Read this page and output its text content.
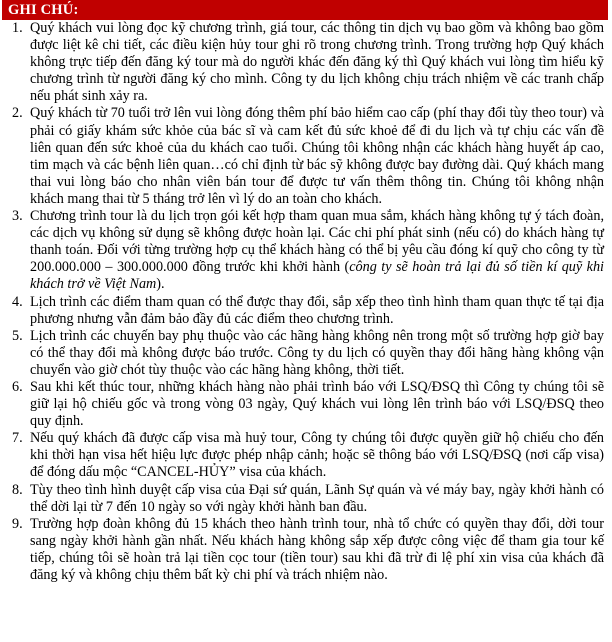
GHI CHÚ:
1. Quý khách vui lòng đọc kỹ chương trình, giá tour, các thông tin dịch vụ bao gồm và không bao gồm được liệt kê chi tiết, các điều kiện hủy tour ghi rõ trong chương trình. Trong trường hợp Quý khách không trực tiếp đến đăng ký tour mà do người khác đến đăng ký thì Quý khách vui lòng tìm hiểu kỹ chương trình từ người đăng ký cho mình. Công ty du lịch không chịu trách nhiệm về các tranh chấp nếu phát sinh xảy ra.
2. Quý khách từ 70 tuổi trở lên vui lòng đóng thêm phí bảo hiểm cao cấp (phí thay đổi tùy theo tour) và phải có giấy khám sức khỏe của bác sĩ và cam kết đủ sức khoẻ để đi du lịch và tự chịu các vấn đề liên quan đến sức khoẻ của du khách cao tuổi. Chúng tôi không nhận các khách hàng huyết áp cao, tim mạch và các bệnh liên quan…có chỉ định từ bác sỹ không được bay đường dài. Quý khách mang thai vui lòng báo cho nhân viên bán tour để được tư vấn thêm thông tin. Chúng tôi không nhận khách mang thai từ 5 tháng trở lên vì lý do an toàn cho khách.
3. Chương trình tour là du lịch trọn gói kết hợp tham quan mua sắm, khách hàng không tự ý tách đoàn, các dịch vụ không sử dụng sẽ không được hoàn lại. Các chi phí phát sinh (nếu có) do khách hàng tự thanh toán. Đối với từng trường hợp cụ thể khách hàng có thể bị yêu cầu đóng kí quỹ cho công ty từ 200.000.000 – 300.000.000 đồng trước khi khởi hành (công ty sẽ hoàn trả lại đủ số tiền kí quỹ khi khách trở về Việt Nam).
4. Lịch trình các điểm tham quan có thể được thay đổi, sắp xếp theo tình hình tham quan thực tế tại địa phương nhưng vẫn đảm bảo đầy đủ các điểm theo chương trình.
5. Lịch trình các chuyến bay phụ thuộc vào các hãng hàng không nên trong một số trường hợp giờ bay có thể thay đổi mà không được báo trước. Công ty du lịch có quyền thay đổi hãng hàng không vận chuyển vào giờ chót tùy thuộc vào các hãng hàng không, thời tiết.
6. Sau khi kết thúc tour, những khách hàng nào phải trình báo với LSQ/ĐSQ thì Công ty chúng tôi sẽ giữ lại hộ chiếu gốc và trong vòng 03 ngày, Quý khách vui lòng lên trình báo với LSQ/ĐSQ theo quy định.
7. Nếu quý khách đã được cấp visa mà huỷ tour, Công ty chúng tôi được quyền giữ hộ chiếu cho đến khi thời hạn visa hết hiệu lực được phép nhập cảnh; hoặc sẽ thông báo với LSQ/ĐSQ (nơi cấp visa) để đóng dấu mộc “CANCEL-HỦY” visa của khách.
8. Tùy theo tình hình duyệt cấp visa của Đại sứ quán, Lãnh Sự quán và vé máy bay, ngày khởi hành có thể dời lại từ 7 đến 10 ngày so với ngày khởi hành ban đầu.
9. Trường hợp đoàn không đủ 15 khách theo hành trình tour, nhà tổ chức có quyền thay đổi, dời tour sang ngày khởi hành gần nhất. Nếu khách hàng không sắp xếp được công việc để tham gia tour kế tiếp, chúng tôi sẽ hoàn trả lại tiền cọc tour (tiền tour) sau khi đã trừ đi lệ phí xin visa của khách đã đăng ký và không chịu thêm bất kỳ chi phí và trách nhiệm nào.
